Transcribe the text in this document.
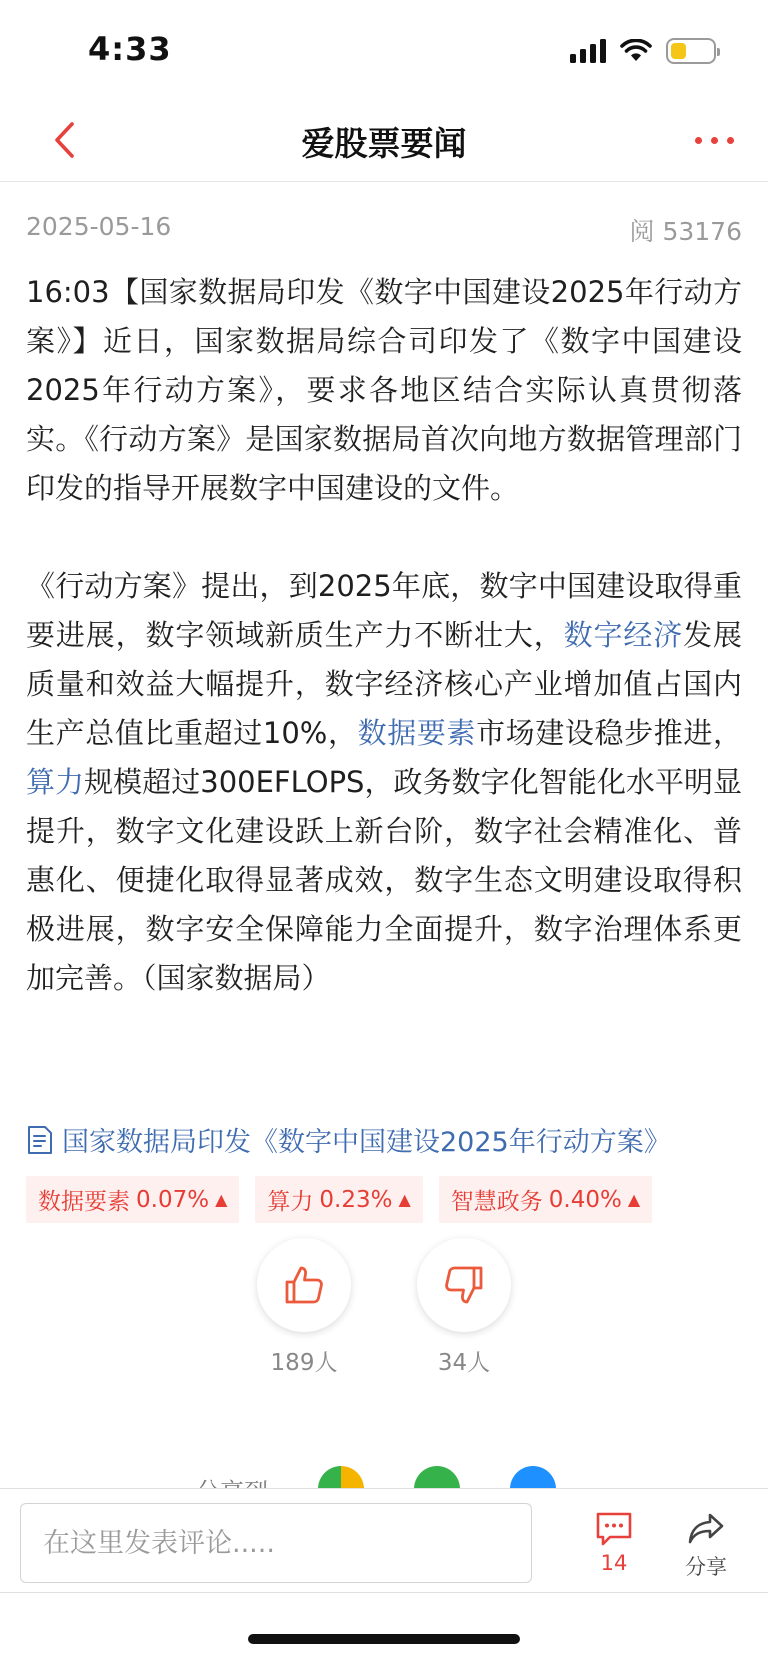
4:33
爱股票要闻
2025-05-16	阅 53176

16:03【国家数据局印发《数字中国建设2025年行动方案》】近日，国家数据局综合司印发了《数字中国建设2025年行动方案》，要求各地区结合实际认真贯彻落实。《行动方案》是国家数据局首次向地方数据管理部门印发的指导开展数字中国建设的文件。

《行动方案》提出，到2025年底，数字中国建设取得重要进展，数字领域新质生产力不断壮大，数字经济发展质量和效益大幅提升，数字经济核心产业增加值占国内生产总值比重超过10%，数据要素市场建设稳步推进，算力规模超过300EFLOPS，政务数字化智能化水平明显提升，数字文化建设跃上新台阶，数字社会精准化、普惠化、便捷化取得显著成效，数字生态文明建设取得积极进展，数字安全保障能力全面提升，数字治理体系更加完善。（国家数据局）

国家数据局印发《数字中国建设2025年行动方案》
数据要素 0.07% ▲ 算力 0.23% ▲ 智慧政务 0.40% ▲
189人	34人
在这里发表评论.....
14	分享
